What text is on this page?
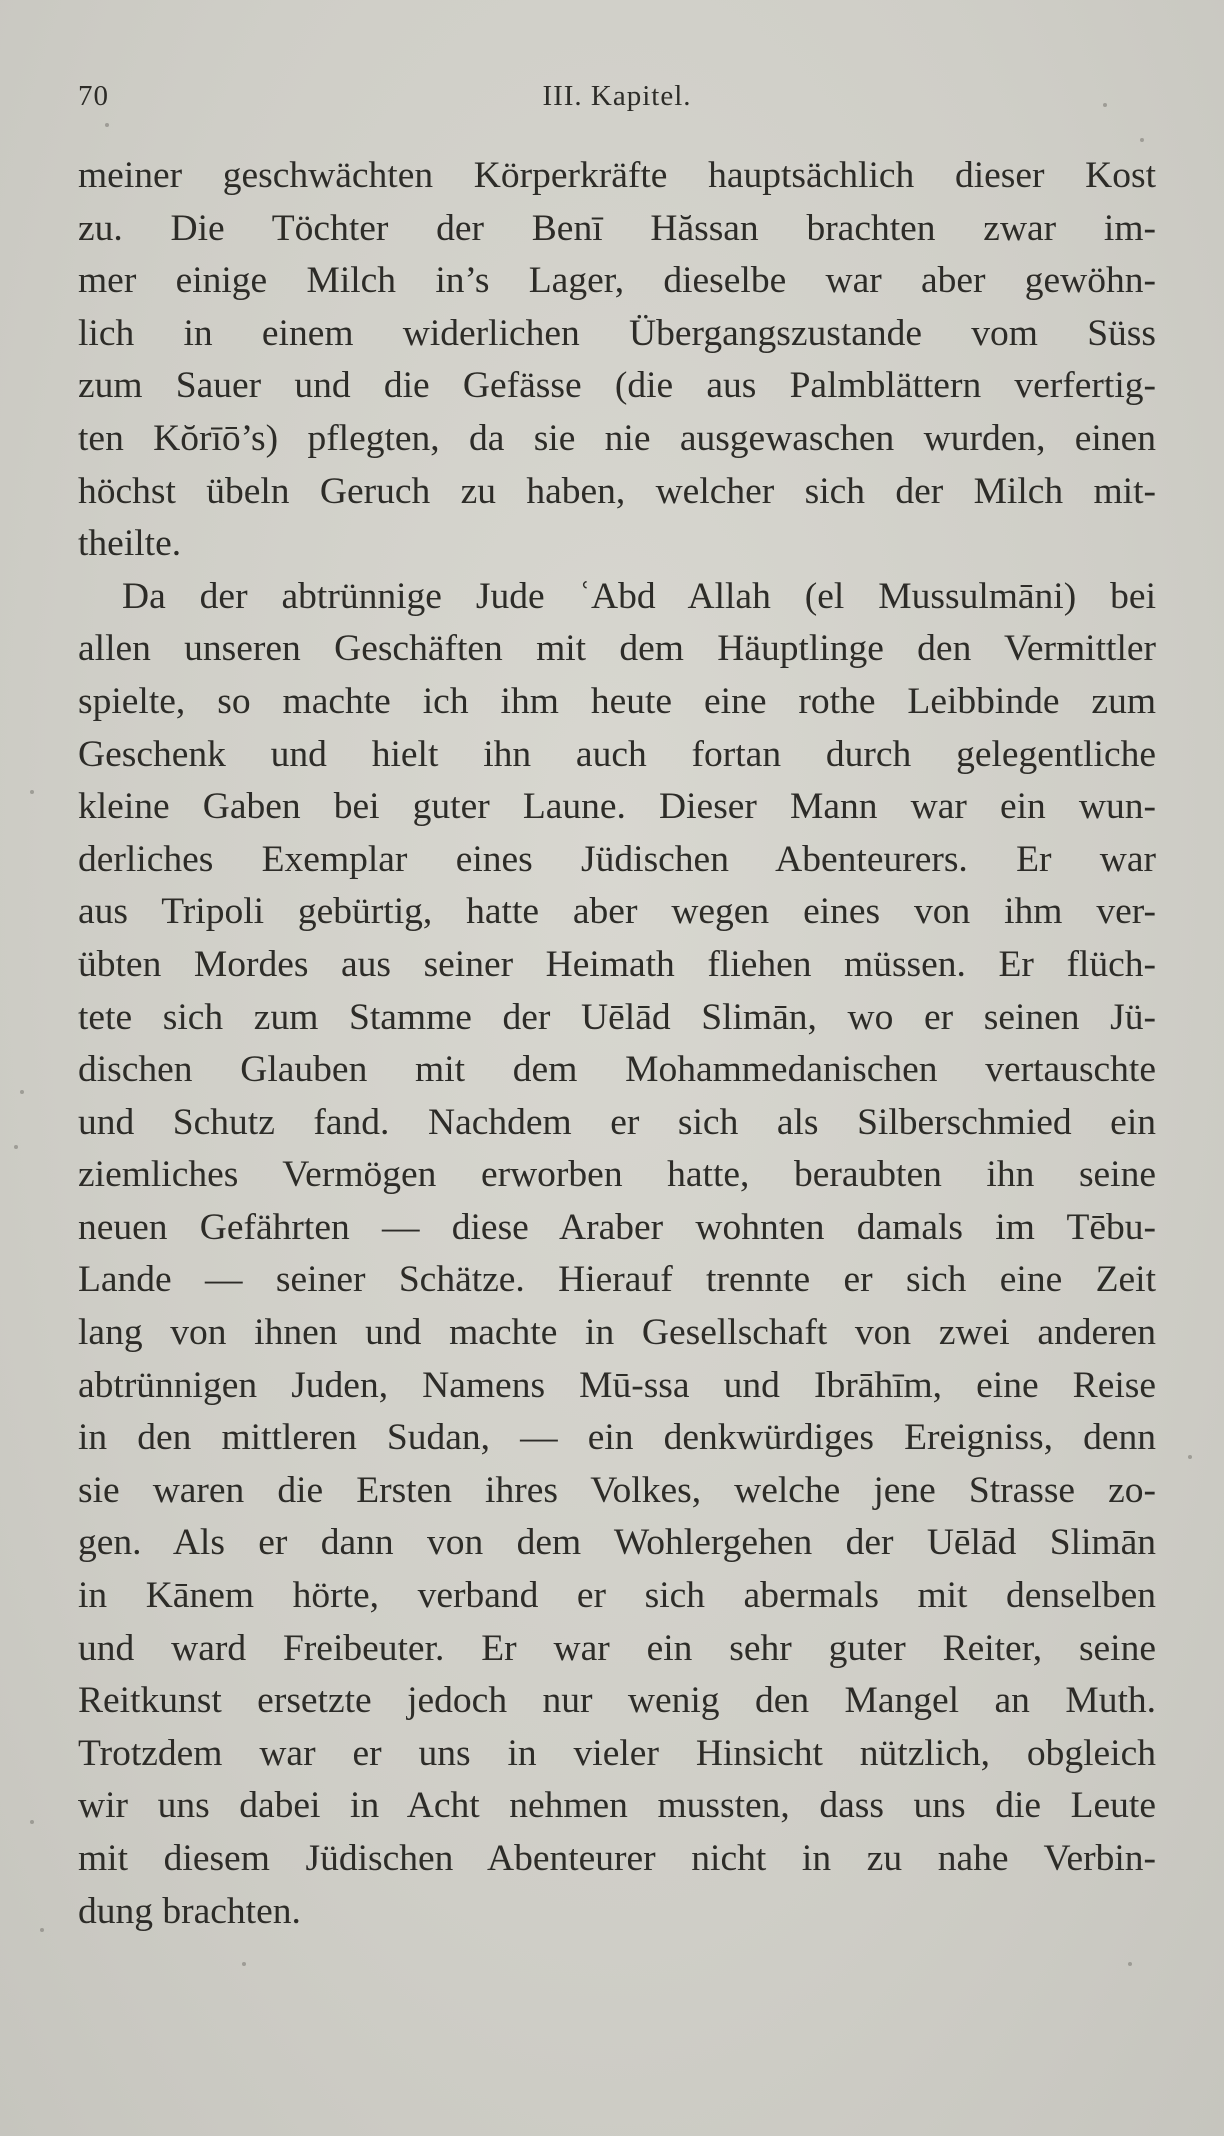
70	III. Kapitel.
meiner geschwächten Körperkräfte hauptsächlich dieser Kost
zu. Die Töchter der Benī Hăssan brachten zwar im-
mer einige Milch in’s Lager, dieselbe war aber gewöhn-
lich in einem widerlichen Übergangszustande vom Süss
zum Sauer und die Gefässe (die aus Palmblättern verfertig-
ten Kŏrīō’s) pflegten, da sie nie ausgewaschen wurden, einen
höchst übeln Geruch zu haben, welcher sich der Milch mit-
theilte.
Da der abtrünnige Jude ʿAbd Allah (el Mussulmāni) bei
allen unseren Geschäften mit dem Häuptlinge den Vermittler
spielte, so machte ich ihm heute eine rothe Leibbinde zum
Geschenk und hielt ihn auch fortan durch gelegentliche
kleine Gaben bei guter Laune. Dieser Mann war ein wun-
derliches Exemplar eines Jüdischen Abenteurers. Er war
aus Tripoli gebürtig, hatte aber wegen eines von ihm ver-
übten Mordes aus seiner Heimath fliehen müssen. Er flüch-
tete sich zum Stamme der Uēlād Slimān, wo er seinen Jü-
dischen Glauben mit dem Mohammedanischen vertauschte
und Schutz fand. Nachdem er sich als Silberschmied ein
ziemliches Vermögen erworben hatte, beraubten ihn seine
neuen Gefährten — diese Araber wohnten damals im Tēbu-
Lande — seiner Schätze. Hierauf trennte er sich eine Zeit
lang von ihnen und machte in Gesellschaft von zwei anderen
abtrünnigen Juden, Namens Mū-ssa und Ibrāhīm, eine Reise
in den mittleren Sudan, — ein denkwürdiges Ereigniss, denn
sie waren die Ersten ihres Volkes, welche jene Strasse zo-
gen. Als er dann von dem Wohlergehen der Uēlād Slimān
in Kānem hörte, verband er sich abermals mit denselben
und ward Freibeuter. Er war ein sehr guter Reiter, seine
Reitkunst ersetzte jedoch nur wenig den Mangel an Muth.
Trotzdem war er uns in vieler Hinsicht nützlich, obgleich
wir uns dabei in Acht nehmen mussten, dass uns die Leute
mit diesem Jüdischen Abenteurer nicht in zu nahe Verbin-
dung brachten.
